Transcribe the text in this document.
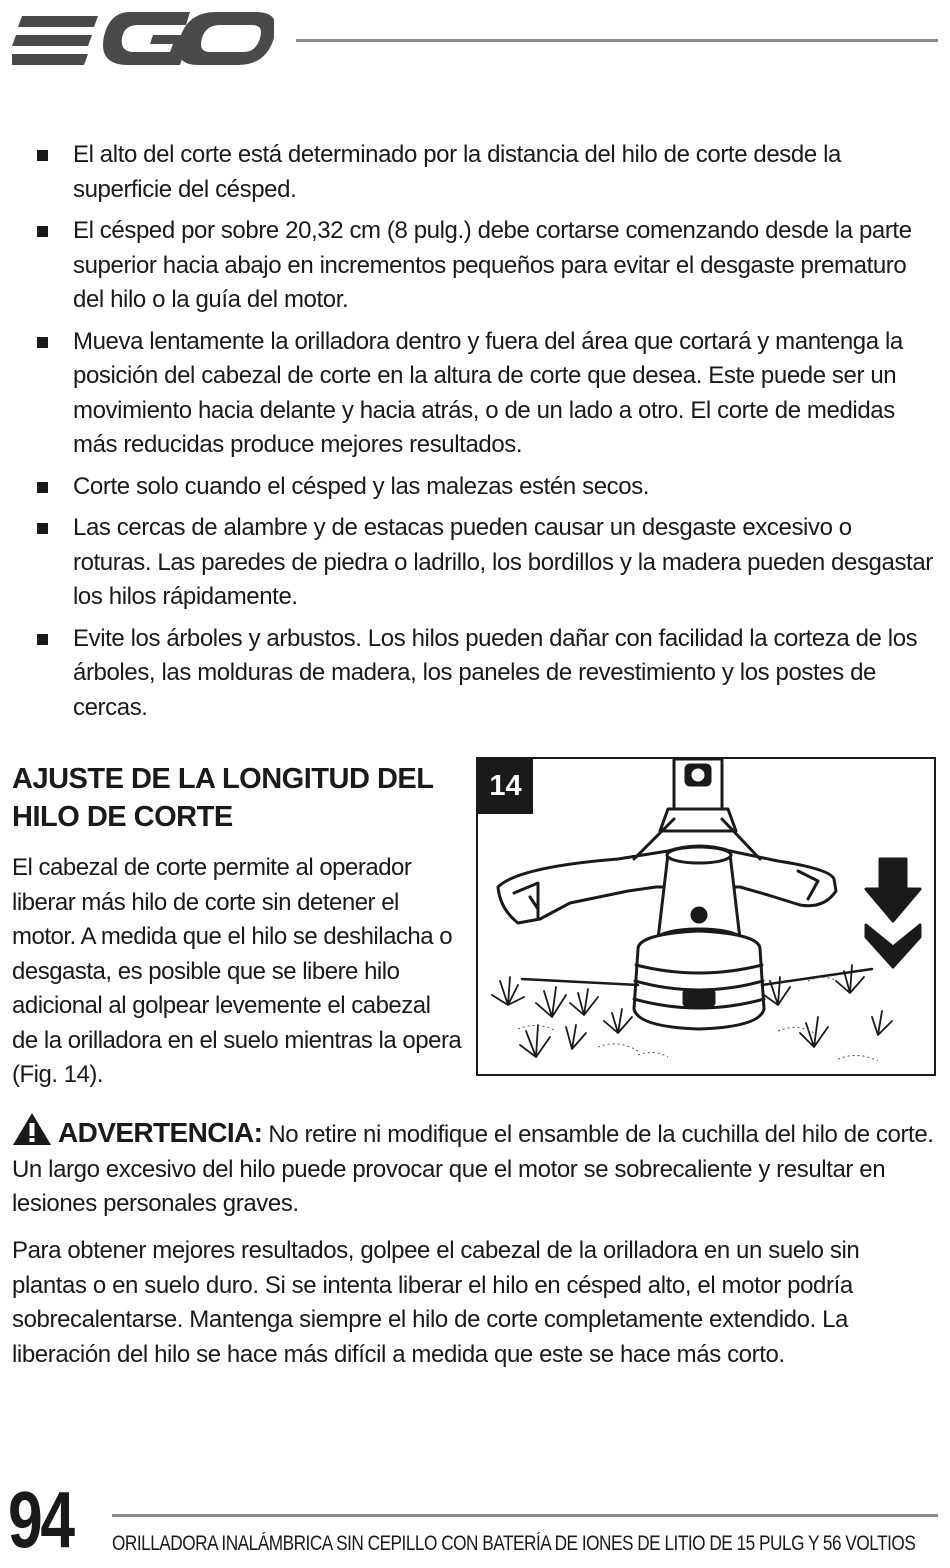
El alto del corte está determinado por la distancia del hilo de corte desde la superficie del césped.
El césped por sobre 20,32 cm (8 pulg.) debe cortarse comenzando desde la parte superior hacia abajo en incrementos pequeños para evitar el desgaste prematuro del hilo o la guía del motor.
Mueva lentamente la orilladora dentro y fuera del área que cortará y mantenga la posición del cabezal de corte en la altura de corte que desea. Este puede ser un movimiento hacia delante y hacia atrás, o de un lado a otro. El corte de medidas más reducidas produce mejores resultados.
Corte solo cuando el césped y las malezas estén secos.
Las cercas de alambre y de estacas pueden causar un desgaste excesivo o roturas. Las paredes de piedra o ladrillo, los bordillos y la madera pueden desgastar los hilos rápidamente.
Evite los árboles y arbustos. Los hilos pueden dañar con facilidad la corteza de los árboles, las molduras de madera, los paneles de revestimiento y los postes de cercas.
AJUSTE DE LA LONGITUD DEL HILO DE CORTE

El cabezal de corte permite al operador liberar más hilo de corte sin detener el motor. A medida que el hilo se deshilacha o desgasta, es posible que se libere hilo adicional al golpear levemente el cabezal de la orilladora en el suelo mientras la opera (Fig. 14).

14

ADVERTENCIA: No retire ni modifique el ensamble de la cuchilla del hilo de corte. Un largo excesivo del hilo puede provocar que el motor se sobrecaliente y resultar en lesiones personales graves.

Para obtener mejores resultados, golpee el cabezal de la orilladora en un suelo sin plantas o en suelo duro. Si se intenta liberar el hilo en césped alto, el motor podría sobrecalentarse. Mantenga siempre el hilo de corte completamente extendido. La liberación del hilo se hace más difícil a medida que este se hace más corto.

94 ORILLADORA INALÁMBRICA SIN CEPILLO CON BATERÍA DE IONES DE LITIO DE 15 PULG Y 56 VOLTIOS
